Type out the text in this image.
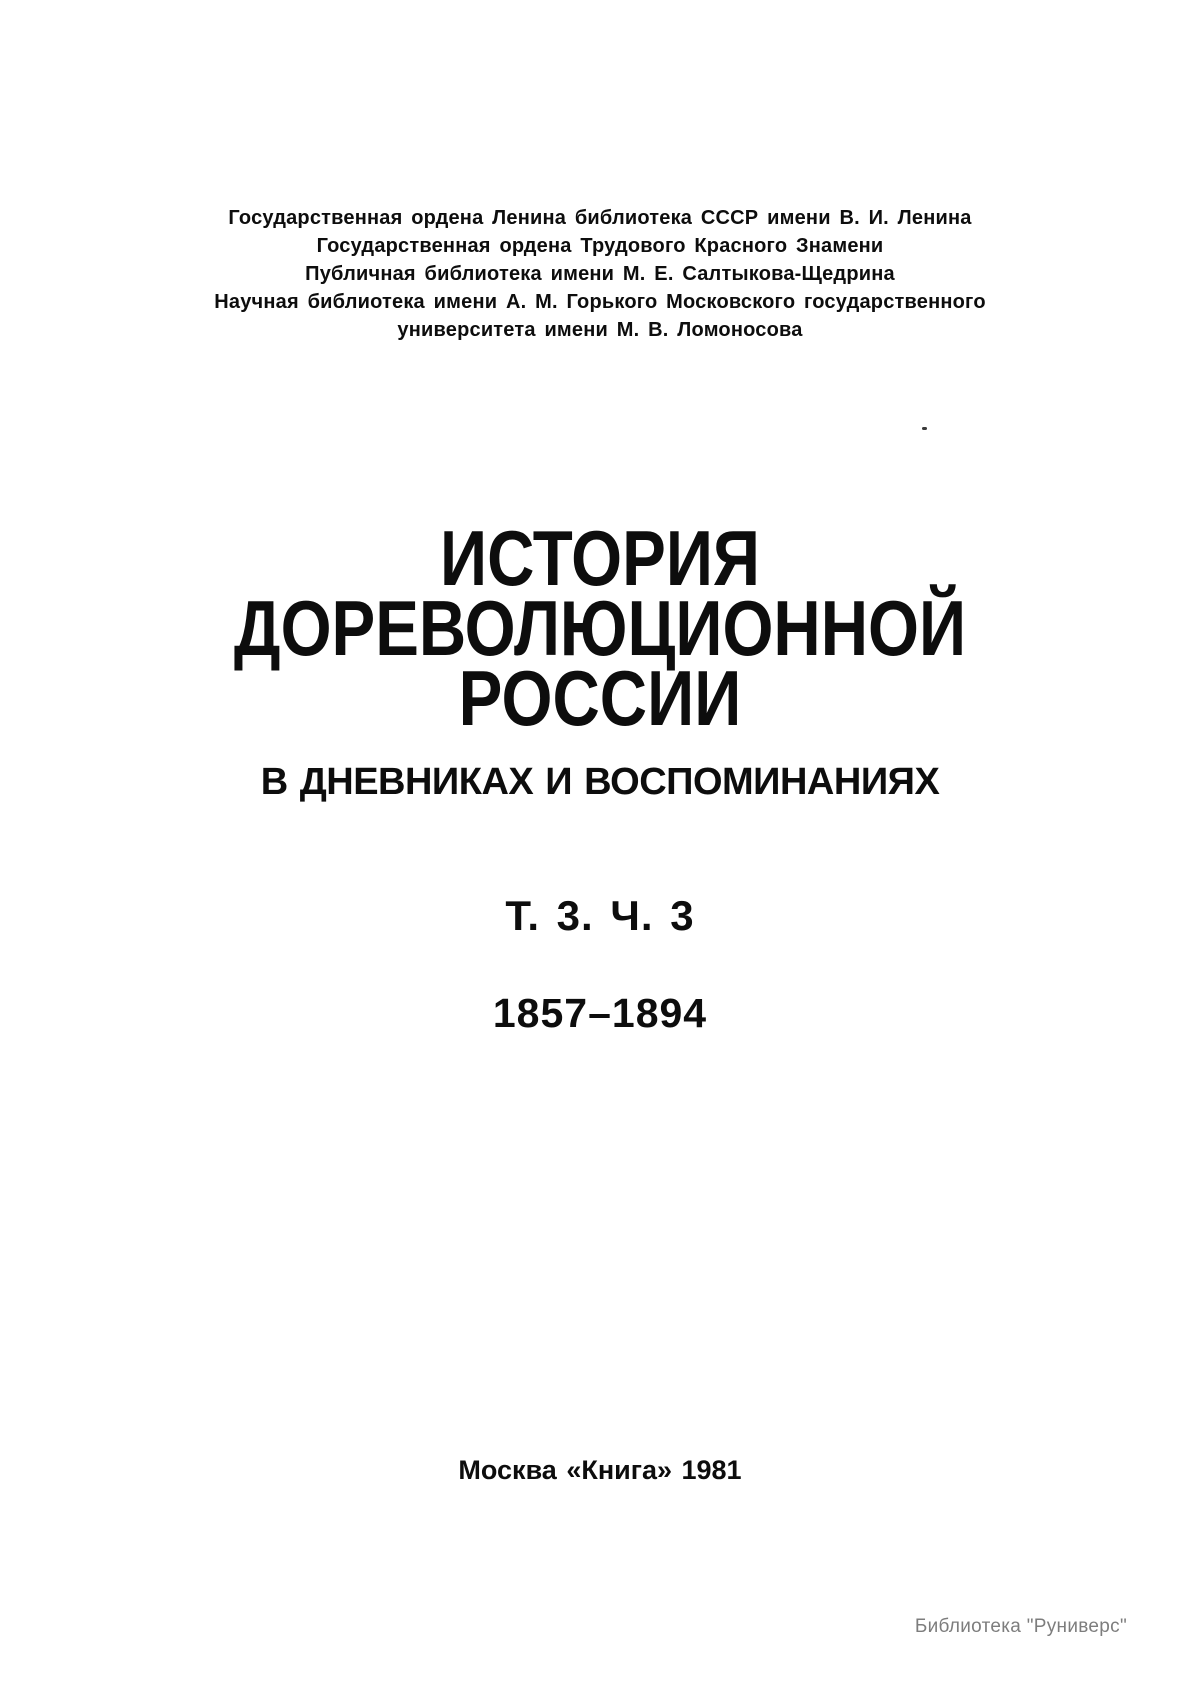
Государственная ордена Ленина библиотека СССР имени В. И. Ленина
Государственная ордена Трудового Красного Знамени
Публичная библиотека имени М. Е. Салтыкова-Щедрина
Научная библиотека имени А. М. Горького Московского государственного
университета имени М. В. Ломоносова
ИСТОРИЯ
ДОРЕВОЛЮЦИОННОЙ
РОССИИ
В ДНЕВНИКАХ И ВОСПОМИНАНИЯХ
Т. 3. Ч. 3
1857–1894
Москва «Книга» 1981
Библиотека "Руниверс"
